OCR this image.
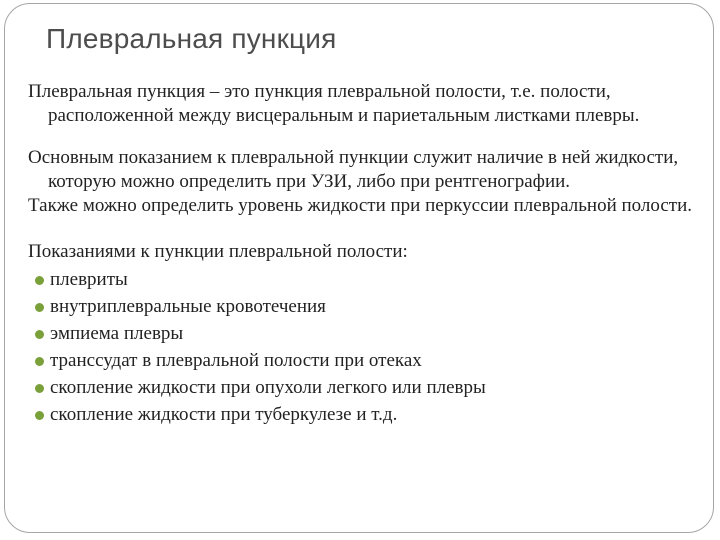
Плевральная пункция

Плевральная пункция – это пункция плевральной полости, т.е. полости, расположенной между висцеральным и париетальным листками плевры.

Основным показанием к плевральной пункции служит наличие в ней жидкости, которую можно определить при УЗИ, либо при рентгенографии.

Также можно определить уровень жидкости при перкуссии плевральной полости.

Показаниями к пункции плевральной полости:

плевриты
внутриплевральные кровотечения
эмпиема плевры
транссудат в плевральной полости при отеках
скопление жидкости при опухоли легкого или плевры
скопление жидкости при туберкулезе и т.д.
